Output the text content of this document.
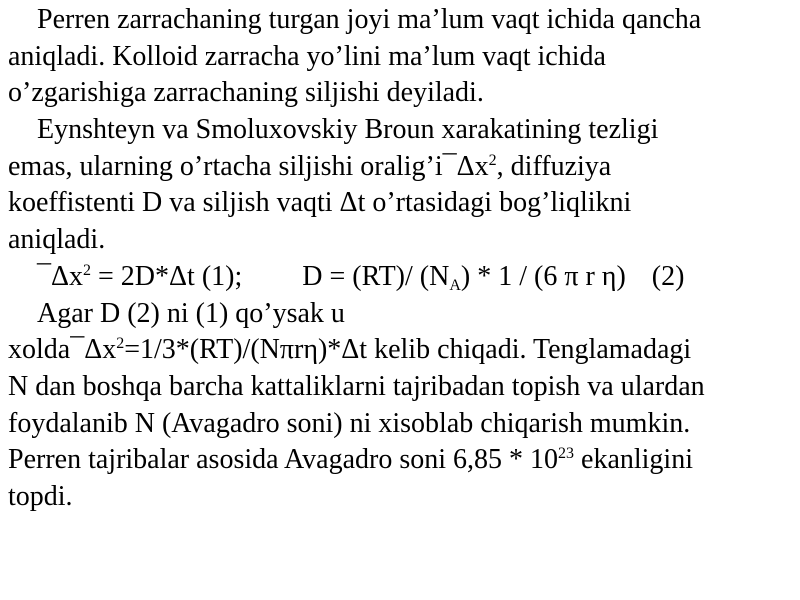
Perren zarrachaning turgan joyi ma’lum vaqt ichida qancha
aniqladi. Kolloid zarracha yo’lini ma’lum vaqt ichida
o’zgarishiga zarrachaning siljishi deyiladi.
Eynshteyn va Smoluxovskiy Broun xarakatining tezligi
emas, ularning o’rtacha siljishi $oralig’i¯\Delta x^2$, diffuziya
koeffistenti D va siljish vaqti Δt o’rtasidagi bog’liqlikni
aniqladi.
$¯\Delta x^2 = 2D*\Delta t$ (1); D = (RT)/ $(N_A) * 1 / (6$ π r η) (2)
Agar D (2) ni (1) qo’ysak u
$xolda¯\Delta x^2=1/3*(RT)/(N\pi r\eta)*\Delta t$ kelib chiqadi. Tenglamadagi
N dan boshqa barcha kattaliklarni tajribadan topish va ulardan
foydalanib N (Avagadro soni) ni xisoblab chiqarish mumkin.
Perren tajribalar asosida Avagadro soni $6,85 * 10^{23}$ ekanligini
topdi.
